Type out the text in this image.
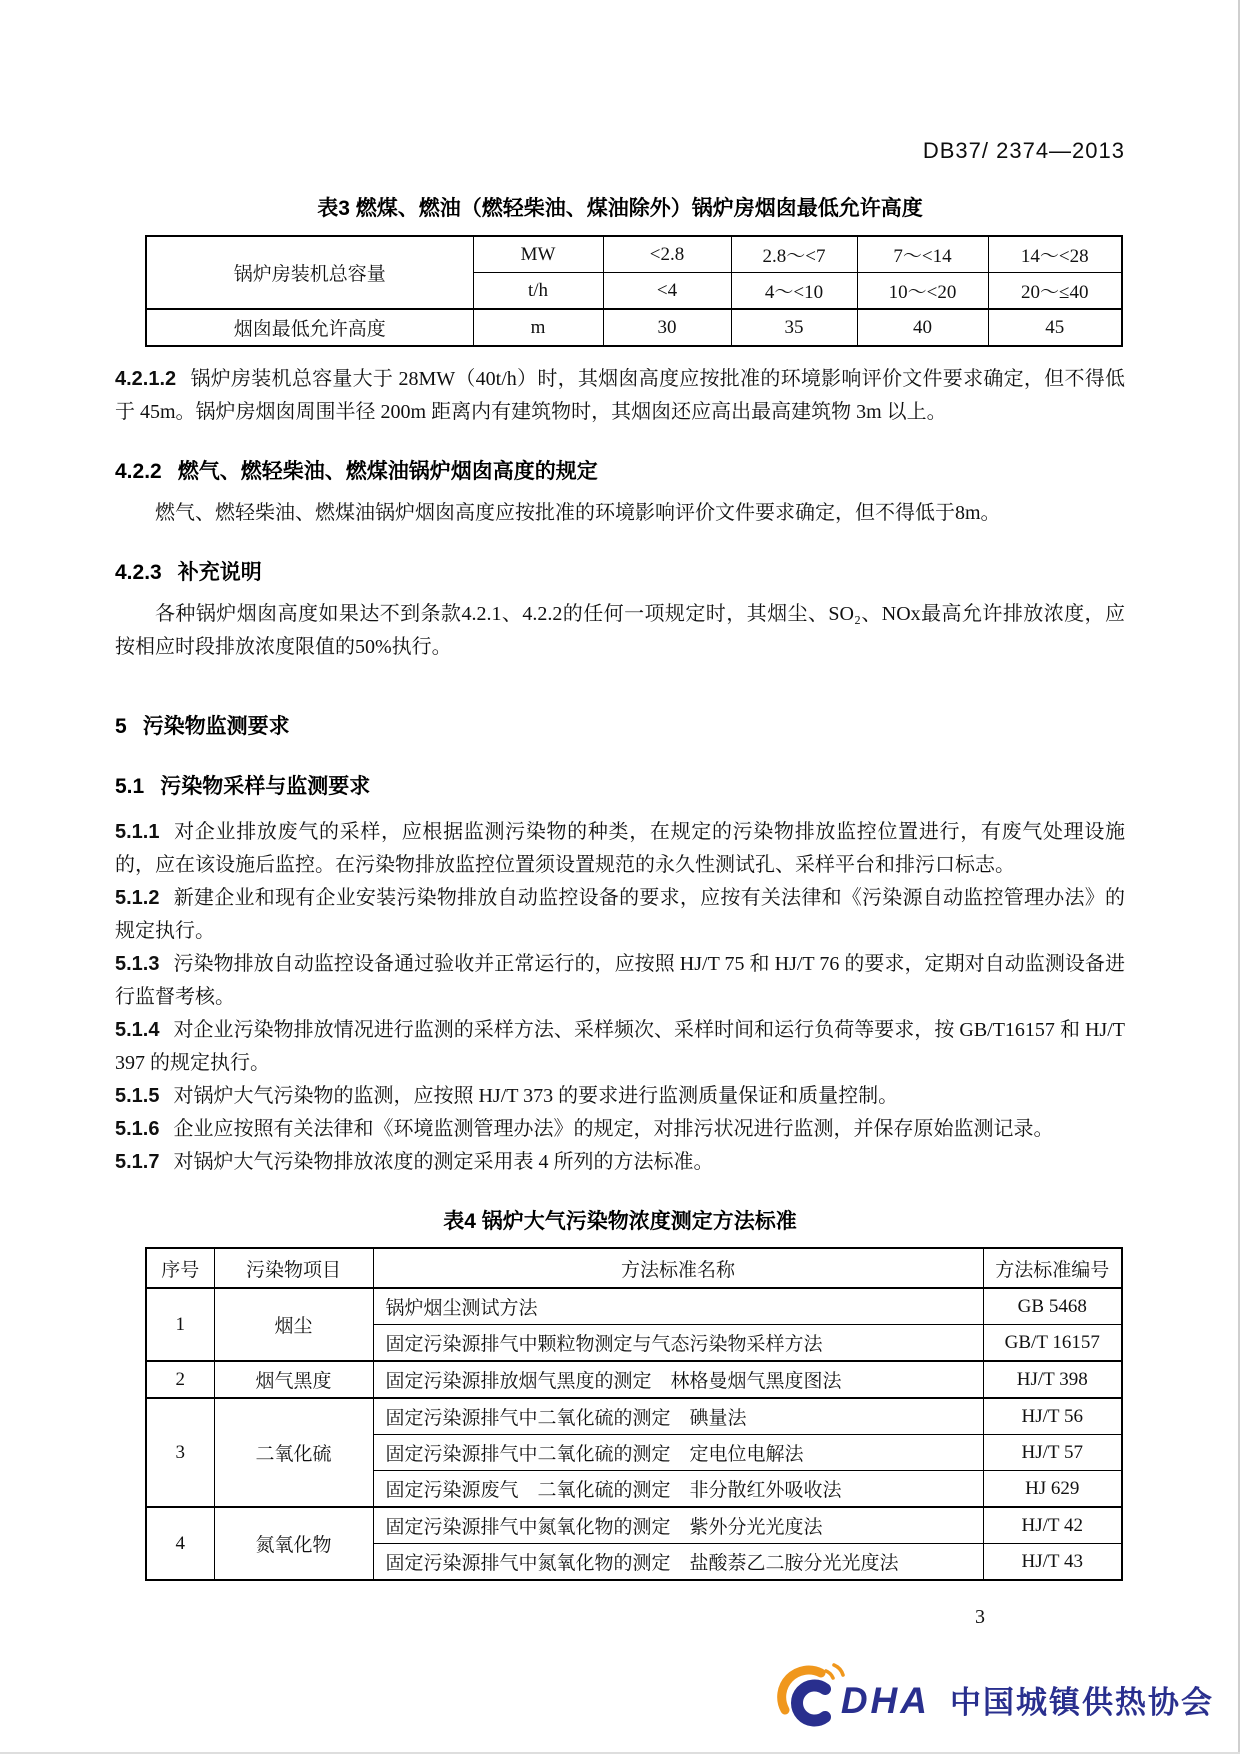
DB37/ 2374—2013
表3 燃煤、燃油（燃轻柴油、煤油除外）锅炉房烟囱最低允许高度
锅炉房装机总容量	MW	<2.8	2.8～<7	7～<14	14～<28
	t/h	<4	4～<10	10～<20	20～≤40
烟囱最低允许高度	m	30	35	40	45

4.2.1.2 锅炉房装机总容量大于 28MW（40t/h）时，其烟囱高度应按批准的环境影响评价文件要求确定，但不得低于 45m。锅炉房烟囱周围半径 200m 距离内有建筑物时，其烟囱还应高出最高建筑物 3m 以上。

4.2.2 燃气、燃轻柴油、燃煤油锅炉烟囱高度的规定

燃气、燃轻柴油、燃煤油锅炉烟囱高度应按批准的环境影响评价文件要求确定，但不得低于8m。

4.2.3 补充说明

各种锅炉烟囱高度如果达不到条款4.2.1、4.2.2的任何一项规定时，其烟尘、SO₂、NOx最高允许排放浓度，应按相应时段排放浓度限值的50%执行。

5 污染物监测要求
5.1 污染物采样与监测要求

5.1.1 对企业排放废气的采样，应根据监测污染物的种类，在规定的污染物排放监控位置进行，有废气处理设施的，应在该设施后监控。在污染物排放监控位置须设置规范的永久性测试孔、采样平台和排污口标志。

5.1.2 新建企业和现有企业安装污染物排放自动监控设备的要求，应按有关法律和《污染源自动监控管理办法》的规定执行。

5.1.3 污染物排放自动监控设备通过验收并正常运行的，应按照 HJ/T 75 和 HJ/T 76 的要求，定期对自动监测设备进行监督考核。

5.1.4 对企业污染物排放情况进行监测的采样方法、采样频次、采样时间和运行负荷等要求，按 GB/T16157 和 HJ/T 397 的规定执行。

5.1.5 对锅炉大气污染物的监测，应按照 HJ/T 373 的要求进行监测质量保证和质量控制。

5.1.6 企业应按照有关法律和《环境监测管理办法》的规定，对排污状况进行监测，并保存原始监测记录。

5.1.7 对锅炉大气污染物排放浓度的测定采用表 4 所列的方法标准。

表4 锅炉大气污染物浓度测定方法标准
序号	污染物项目	方法标准名称	方法标准编号
1	烟尘	锅炉烟尘测试方法	GB 5468
		固定污染源排气中颗粒物测定与气态污染物采样方法	GB/T 16157
2	烟气黑度	固定污染源排放烟气黑度的测定　林格曼烟气黑度图法	HJ/T 398
3	二氧化硫	固定污染源排气中二氧化硫的测定　碘量法	HJ/T 56
		固定污染源排气中二氧化硫的测定　定电位电解法	HJ/T 57
		固定污染源废气　二氧化硫的测定　非分散红外吸收法	HJ 629
4	氮氧化物	固定污染源排气中氮氧化物的测定　紫外分光光度法	HJ/T 42
		固定污染源排气中氮氧化物的测定　盐酸萘乙二胺分光光度法	HJ/T 43
3
DHA 中国城镇供热协会
